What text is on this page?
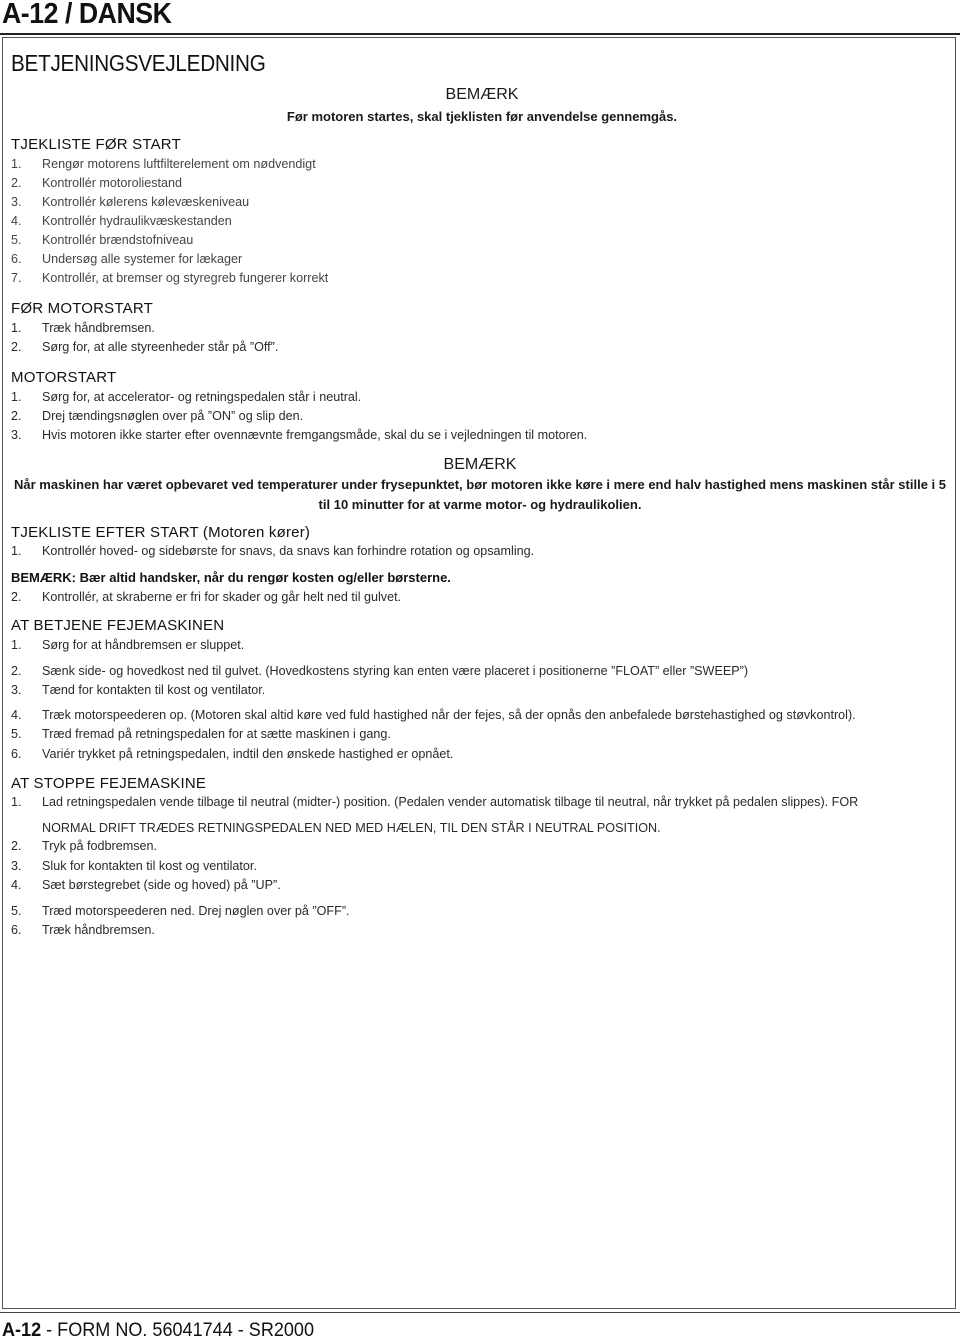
A-12 / DANSK
BETJENINGSVEJLEDNING
BEMÆRK
Før motoren startes, skal tjeklisten før anvendelse gennemgås.
TJEKLISTE FØR START
1. Rengør motorens luftfilterelement om nødvendigt
2. Kontrollér motoroliestand
3. Kontrollér kølerens kølevæskeniveau
4. Kontrollér hydraulikvæskestanden
5. Kontrollér brændstofniveau
6. Undersøg alle systemer for lækager
7. Kontrollér, at bremser og styregreb fungerer korrekt
FØR MOTORSTART
1. Træk håndbremsen.
2. Sørg for, at alle styreenheder står på ”Off”.
MOTORSTART
1. Sørg for, at accelerator- og retningspedalen står i neutral.
2. Drej tændingsnøglen over på ”ON” og slip den.
3. Hvis motoren ikke starter efter ovennævnte fremgangsmåde, skal du se i vejledningen til motoren.
BEMÆRK
Når maskinen har været opbevaret ved temperaturer under frysepunktet, bør motoren ikke køre i mere end halv hastighed mens maskinen står stille i 5
til 10 minutter for at varme motor- og hydraulikolien.
TJEKLISTE EFTER START (Motoren kører)
1. Kontrollér hoved- og sidebørste for snavs, da snavs kan forhindre rotation og opsamling.
BEMÆRK: Bær altid handsker, når du rengør kosten og/eller børsterne.
2. Kontrollér, at skraberne er fri for skader og går helt ned til gulvet.
AT BETJENE FEJEMASKINEN
1. Sørg for at håndbremsen er sluppet.
2. Sænk side- og hovedkost ned til gulvet. (Hovedkostens styring kan enten være placeret i positionerne ”FLOAT” eller ”SWEEP”)
3. Tænd for kontakten til kost og ventilator.
4. Træk motorspeederen op. (Motoren skal altid køre ved fuld hastighed når der fejes, så der opnås den anbefalede børstehastighed og støvkontrol).
5. Træd fremad på retningspedalen for at sætte maskinen i gang.
6. Variér trykket på retningspedalen, indtil den ønskede hastighed er opnået.
AT STOPPE FEJEMASKINE
1. Lad retningspedalen vende tilbage til neutral (midter-) position. (Pedalen vender automatisk tilbage til neutral, når trykket på pedalen slippes). FOR
NORMAL DRIFT TRÆDES RETNINGSPEDALEN NED MED HÆLEN, TIL DEN STÅR I NEUTRAL POSITION.
2. Tryk på fodbremsen.
3. Sluk for kontakten til kost og ventilator.
4. Sæt børstegrebet (side og hoved) på ”UP”.
5. Træd motorspeederen ned. Drej nøglen over på ”OFF”.
6. Træk håndbremsen.
A-12 - FORM NO. 56041744 - SR2000
